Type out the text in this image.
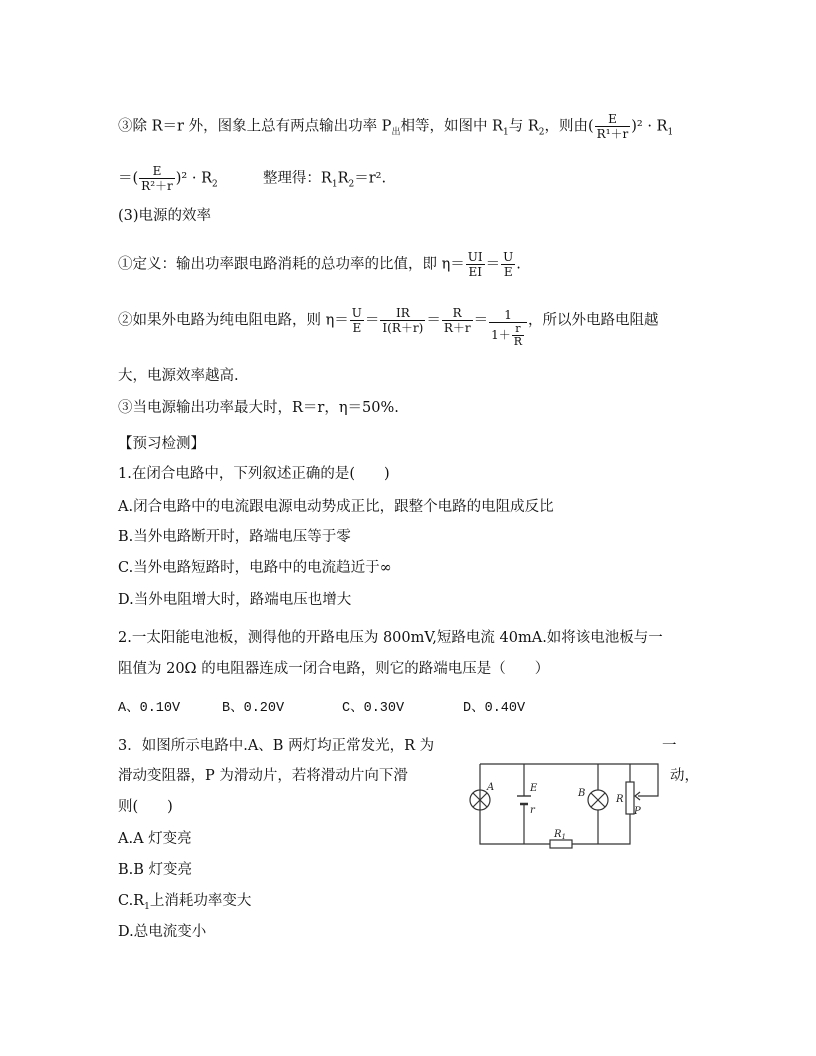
③除 R＝r 外，图象上总有两点输出功率 $P_出$相等，如图中 $R_1$与 $R_2$，则由( $\frac{E}{\text{R¹＋r}} )^2 \cdot R_1$
＝( $\frac{E}{\text{R²＋r}} )^2 \cdot R_2$	整理得：$R_1R_2=r^2$.
(3)电源的效率
①定义：输出功率跟电路消耗的总功率的比值，即 $\eta= \frac{UI}{EI} = \frac{U}{E}$ .
②如果外电路为纯电阻电路，则 $\eta= \frac{U}{E} = \frac{IR}{I(R+r)} = \frac{R}{R+r} = \frac{1}{1+ \frac{r}{R}}$ ，所以外电路电阻越
大，电源效率越高.
③当电源输出功率最大时，R＝r，η＝50%.
【预习检测】
1.在闭合电路中，下列叙述正确的是(　　)
A.闭合电路中的电流跟电源电动势成正比，跟整个电路的电阻成反比
B.当外电路断开时，路端电压等于零
C.当外电路短路时，电路中的电流趋近于∞
D.当外电阻增大时，路端电压也增大
2.一太阳能电池板，测得他的开路电压为 800mV,短路电流 40mA.如将该电池板与一
阻值为 20Ω 的电阻器连成一闭合电路，则它的路端电压是（　　）
A、0.10V	B、0.20V	C、0.30V	D、0.40V
3．如图所示电路中.A、B 两灯均正常发光，R 为	一
滑动变阻器，P 为滑动片，若将滑动片向下滑	动，
则(　　)
A.A 灯变亮
B.B 灯变亮
$C.R_1$上消耗功率变大
D.总电流变小
A	E
r
B
R
P
$R_1$
